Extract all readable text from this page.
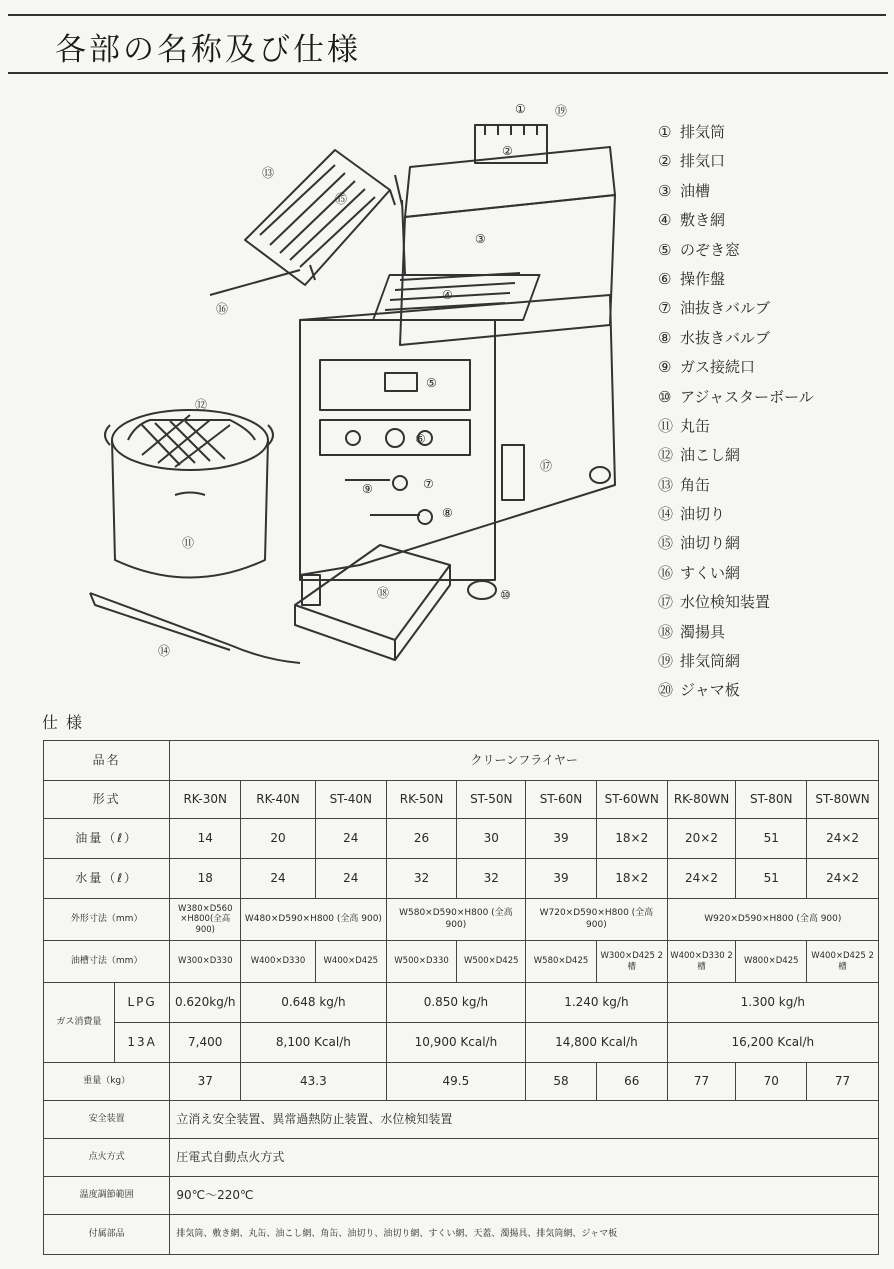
各部の名称及び仕様
① ⑲
②
⑬
⑮
③
④
⑯
⑤
⑫
⑥
⑪
⑦
⑨
⑧
⑰
⑱	⑩
⑭
① 排気筒
② 排気口
③ 油槽
④ 敷き網
⑤ のぞき窓
⑥ 操作盤
⑦ 油抜きバルブ
⑧ 水抜きバルブ
⑨ ガス接続口
⑩ アジャスターボール
⑪ 丸缶
⑫ 油こし網
⑬ 角缶
⑭ 油切り
⑮ 油切り網
⑯ すくい網
⑰ 水位検知装置
⑱ 濁揚具
⑲ 排気筒網
⑳ ジャマ板
仕様
品名		クリーンフライヤー									
形式		RK-30N	RK-40N	ST-40N	RK-50N	ST-50N	ST-60N	ST-60WN	RK-80WN	ST-80N	ST-80WN
油量（ℓ）		14	20	24	26	30	39	18×2	20×2	51	24×2
水量（ℓ）		18	24	24	32	32	39	18×2	24×2	51	24×2
外形寸法（mm）		W380×D560 ×H800(全高900)	W480×D590×H800 (全高 900)		W580×D590×H800 (全高 900)		W720×D590×H800 (全高 900)		W920×D590×H800 (全高 900)		
油槽寸法（mm）		W300×D330	W400×D330	W400×D425	W500×D330	W500×D425	W580×D425	W300×D425 2槽	W400×D330 2槽	W800×D425	W400×D425 2槽
ガス消費量	LPG	0.620kg/h	0.648 kg/h		0.850 kg/h		1.240 kg/h		1.300 kg/h		
	13A	7,400	8,100 Kcal/h		10,900 Kcal/h		14,800 Kcal/h		16,200 Kcal/h		
重量（kg）		37	43.3		49.5		58	66	77	70	77
安全装置		立消え安全装置、異常過熱防止装置、水位検知装置									
点火方式		圧電式自動点火方式									
温度調節範囲		90℃～220℃									
付属部品		排気筒、敷き網、丸缶、油こし網、角缶、油切り、油切り網、すくい網、天蓋、濁揚具、排気筒網、ジャマ板									
